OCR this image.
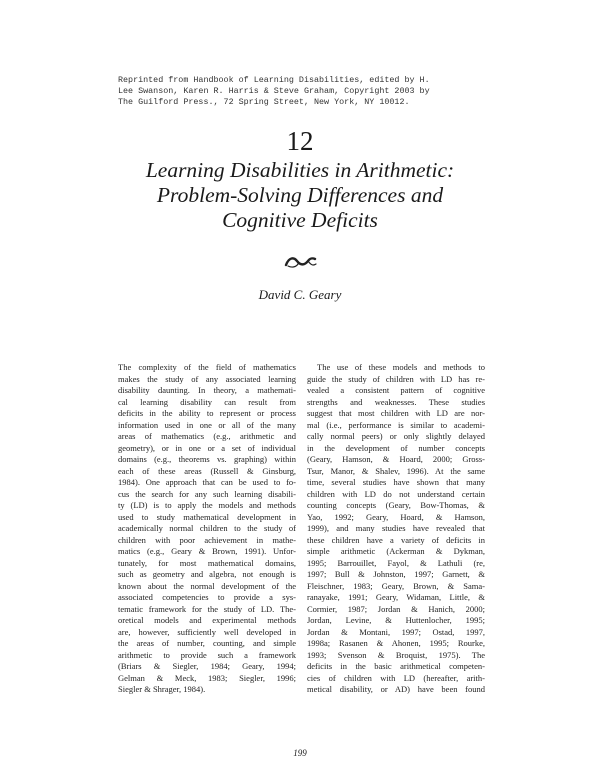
Reprinted from Handbook of Learning Disabilities, edited by H.
Lee Swanson, Karen R. Harris & Steve Graham, Copyright 2003 by
The Guilford Press., 72 Spring Street, New York, NY 10012.
12
Learning Disabilities in Arithmetic:
Problem-Solving Differences and
Cognitive Deficits
David C. Geary
The complexity of the field of mathematics
makes the study of any associated learning
disability daunting. In theory, a mathemati-
cal learning disability can result from
deficits in the ability to represent or process
information used in one or all of the many
areas of mathematics (e.g., arithmetic and
geometry), or in one or a set of individual
domains (e.g., theorems vs. graphing) within
each of these areas (Russell & Ginsburg,
1984). One approach that can be used to fo-
cus the search for any such learning disabili-
ty (LD) is to apply the models and methods
used to study mathematical development in
academically normal children to the study of
children with poor achievement in mathe-
matics (e.g., Geary & Brown, 1991). Unfor-
tunately, for most mathematical domains,
such as geometry and algebra, not enough is
known about the normal development of the
associated competencies to provide a sys-
tematic framework for the study of LD. The-
oretical models and experimental methods
are, however, sufficiently well developed in
the areas of number, counting, and simple
arithmetic to provide such a framework
(Briars & Siegler, 1984; Geary, 1994;
Gelman & Meck, 1983; Siegler, 1996;
Siegler & Shrager, 1984).
The use of these models and methods to
guide the study of children with LD has re-
vealed a consistent pattern of cognitive
strengths and weaknesses. These studies
suggest that most children with LD are nor-
mal (i.e., performance is similar to academi-
cally normal peers) or only slightly delayed
in the development of number concepts
(Geary, Hamson, & Hoard, 2000; Gross-
Tsur, Manor, & Shalev, 1996). At the same
time, several studies have shown that many
children with LD do not understand certain
counting concepts (Geary, Bow-Thomas, &
Yao, 1992; Geary, Hoard, & Hamson,
1999), and many studies have revealed that
these children have a variety of deficits in
simple arithmetic (Ackerman & Dykman,
1995; Barrouillet, Fayol, & Lathuli (re,
1997; Bull & Johnston, 1997; Garnett, &
Fleischner, 1983; Geary, Brown, & Sama-
ranayake, 1991; Geary, Widaman, Little, &
Cormier, 1987; Jordan & Hanich, 2000;
Jordan, Levine, & Huttenlocher, 1995;
Jordan & Montani, 1997; Ostad, 1997,
1998a; Rasanen & Ahonen, 1995; Rourke,
1993; Svenson & Broquist, 1975). The
deficits in the basic arithmetical competen-
cies of children with LD (hereafter, arith-
metical disability, or AD) have been found
199
